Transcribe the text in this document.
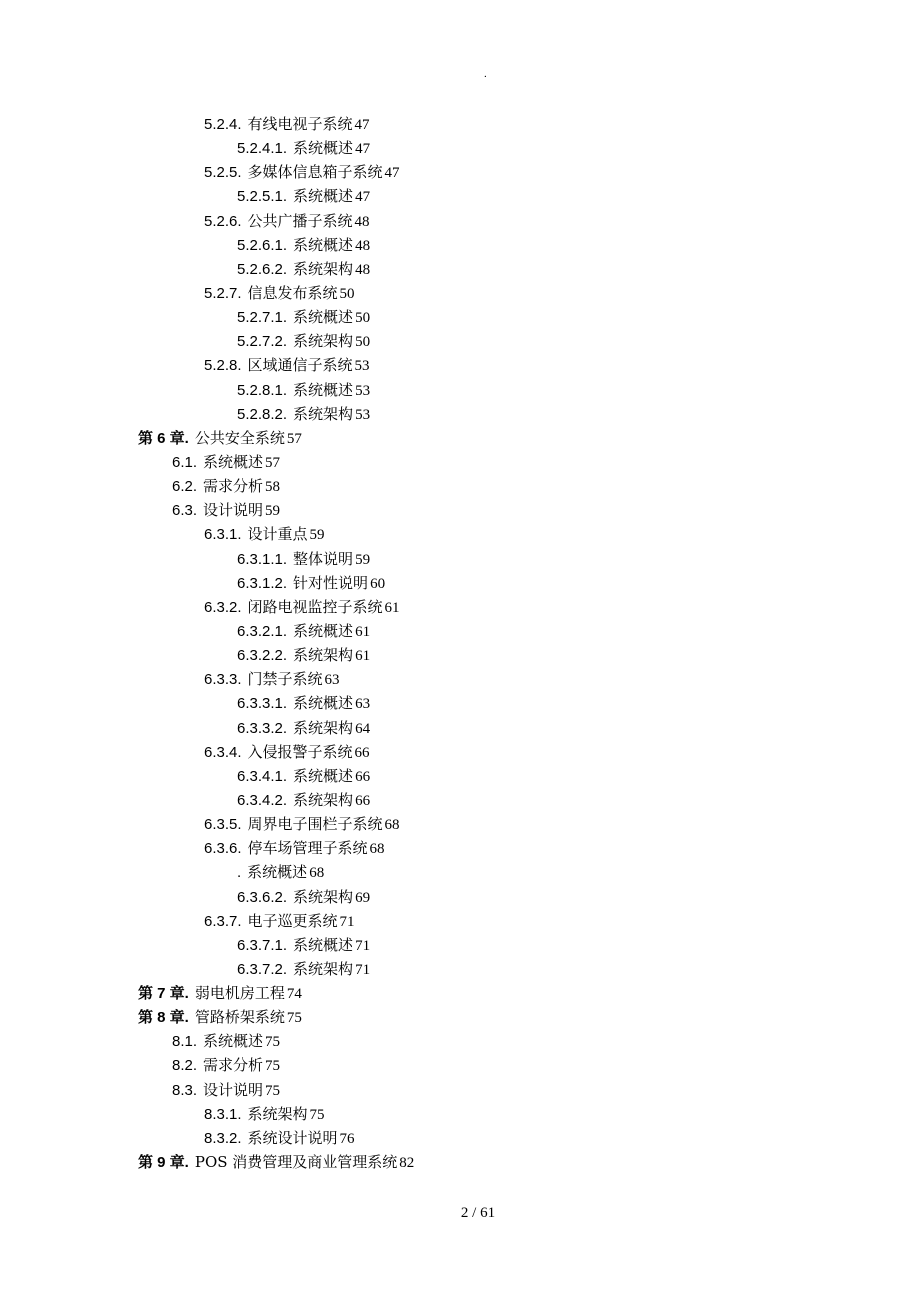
.
5.2.4. 有线电视子系统 47
5.2.4.1. 系统概述 47
5.2.5. 多媒体信息箱子系统 47
5.2.5.1. 系统概述 47
5.2.6. 公共广播子系统 48
5.2.6.1. 系统概述 48
5.2.6.2. 系统架构 48
5.2.7. 信息发布系统 50
5.2.7.1. 系统概述 50
5.2.7.2. 系统架构 50
5.2.8. 区域通信子系统 53
5.2.8.1. 系统概述 53
5.2.8.2. 系统架构 53
第 6 章. 公共安全系统 57
6.1. 系统概述 57
6.2. 需求分析 58
6.3. 设计说明 59
6.3.1. 设计重点 59
6.3.1.1. 整体说明 59
6.3.1.2. 针对性说明 60
6.3.2. 闭路电视监控子系统 61
6.3.2.1. 系统概述 61
6.3.2.2. 系统架构 61
6.3.3. 门禁子系统 63
6.3.3.1. 系统概述 63
6.3.3.2. 系统架构 64
6.3.4. 入侵报警子系统 66
6.3.4.1. 系统概述 66
6.3.4.2. 系统架构 66
6.3.5. 周界电子围栏子系统 68
6.3.6. 停车场管理子系统 68
. 系统概述 68
6.3.6.2. 系统架构 69
6.3.7. 电子巡更系统 71
6.3.7.1. 系统概述 71
6.3.7.2. 系统架构 71
第 7 章. 弱电机房工程 74
第 8 章. 管路桥架系统 75
8.1. 系统概述 75
8.2. 需求分析 75
8.3. 设计说明 75
8.3.1. 系统架构 75
8.3.2. 系统设计说明 76
第 9 章. POS 消费管理及商业管理系统 82
2 / 61
